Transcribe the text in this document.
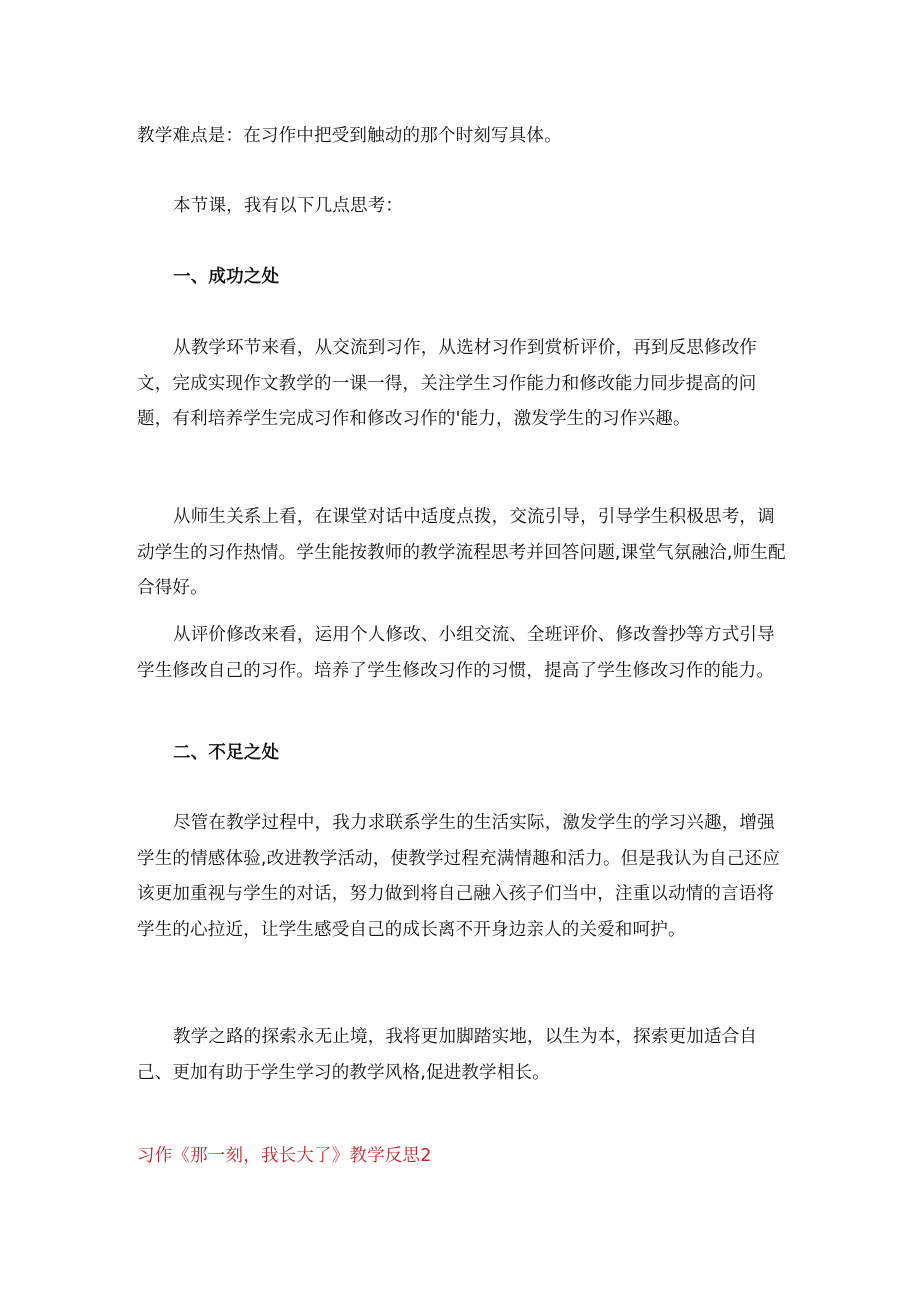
教学难点是：在习作中把受到触动的那个时刻写具体。

本节课，我有以下几点思考：

一、成功之处

从教学环节来看，从交流到习作，从选材习作到赏析评价，再到反思修改作文，完成实现作文教学的一课一得，关注学生习作能力和修改能力同步提高的问题，有利培养学生完成习作和修改习作的'能力，激发学生的习作兴趣。

从师生关系上看，在课堂对话中适度点拨，交流引导，引导学生积极思考，调动学生的习作热情。学生能按教师的教学流程思考并回答问题,课堂气氛融洽,师生配合得好。

从评价修改来看，运用个人修改、小组交流、全班评价、修改誊抄等方式引导学生修改自己的习作。培养了学生修改习作的习惯，提高了学生修改习作的能力。

二、不足之处

尽管在教学过程中，我力求联系学生的生活实际，激发学生的学习兴趣，增强学生的情感体验,改进教学活动，使教学过程充满情趣和活力。但是我认为自己还应该更加重视与学生的对话，努力做到将自己融入孩子们当中，注重以动情的言语将学生的心拉近，让学生感受自己的成长离不开身边亲人的关爱和呵护。

教学之路的探索永无止境，我将更加脚踏实地，以生为本，探索更加适合自己、更加有助于学生学习的教学风格,促进教学相长。

习作《那一刻，我长大了》教学反思2
